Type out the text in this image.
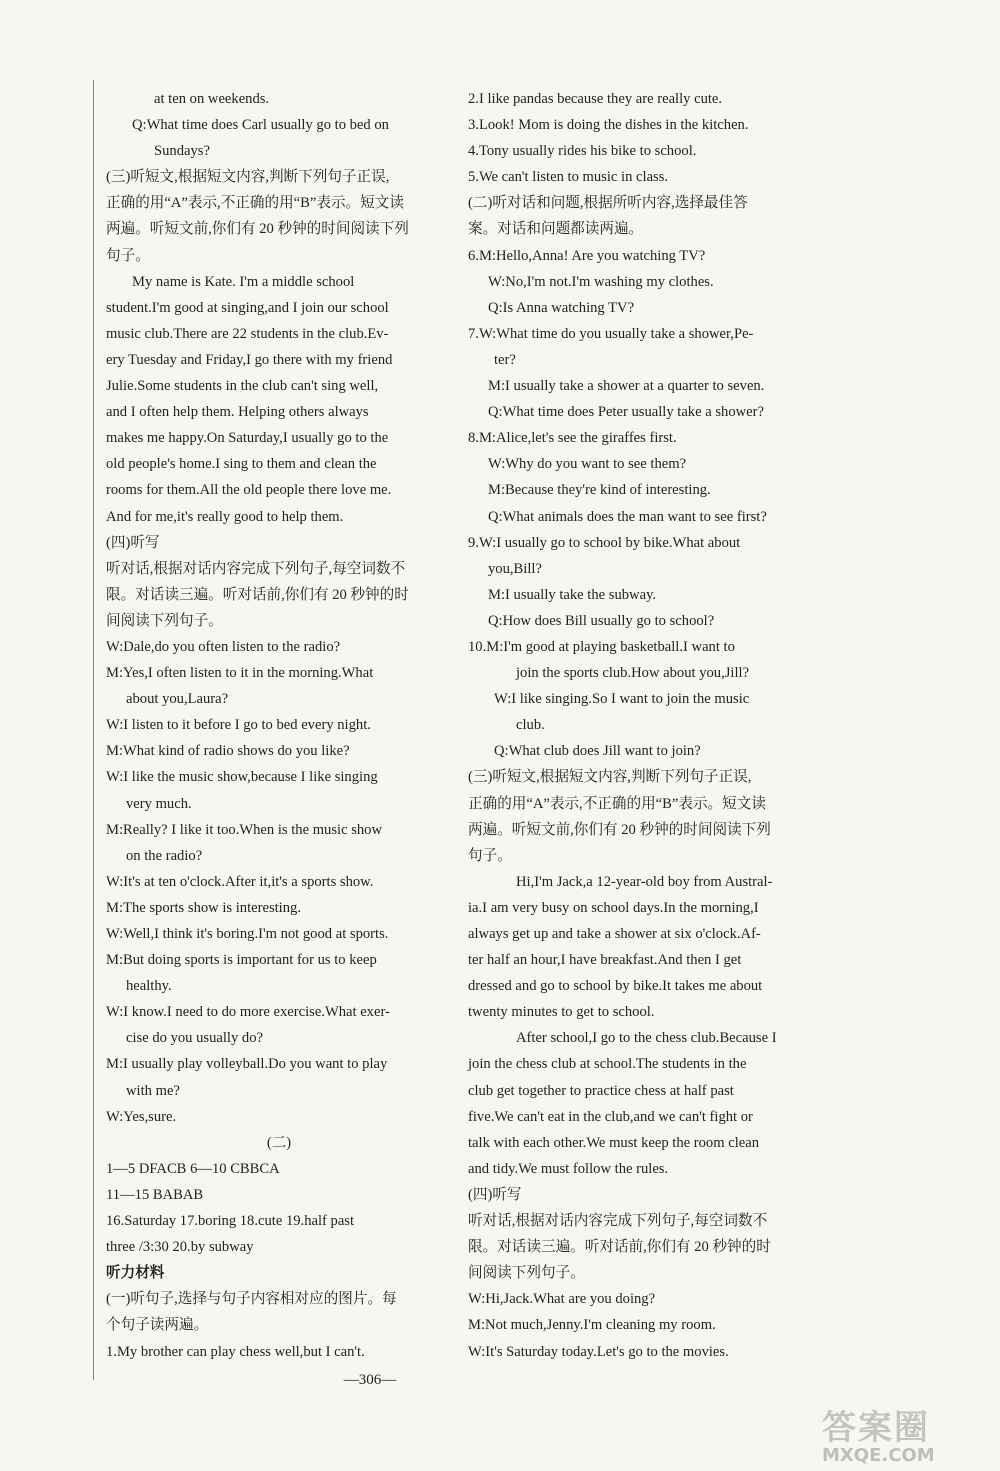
at ten on weekends.
Q:What time does Carl usually go to bed on
Sundays?
(三)听短文,根据短文内容,判断下列句子正误,
正确的用“A”表示,不正确的用“B”表示。短文读
两遍。听短文前,你们有 20 秒钟的时间阅读下列
句子。
My name is Kate. I'm a middle school
student.I'm good at singing,and I join our school
music club.There are 22 students in the club.Ev-
ery Tuesday and Friday,I go there with my friend
Julie.Some students in the club can't sing well,
and I often help them. Helping others always
makes me happy.On Saturday,I usually go to the
old people's home.I sing to them and clean the
rooms for them.All the old people there love me.
And for me,it's really good to help them.
(四)听写
听对话,根据对话内容完成下列句子,每空词数不
限。对话读三遍。听对话前,你们有 20 秒钟的时
间阅读下列句子。
W:Dale,do you often listen to the radio?
M:Yes,I often listen to it in the morning.What
about you,Laura?
W:I listen to it before I go to bed every night.
M:What kind of radio shows do you like?
W:I like the music show,because I like singing
very much.
M:Really? I like it too.When is the music show
on the radio?
W:It's at ten o'clock.After it,it's a sports show.
M:The sports show is interesting.
W:Well,I think it's boring.I'm not good at sports.
M:But doing sports is important for us to keep
healthy.
W:I know.I need to do more exercise.What exer-
cise do you usually do?
M:I usually play volleyball.Do you want to play
with me?
W:Yes,sure.
(二)
1—5 DFACB 6—10 CBBCA
11—15 BABAB
16.Saturday 17.boring 18.cute 19.half past
three /3:30 20.by subway
听力材料
(一)听句子,选择与句子内容相对应的图片。每
个句子读两遍。
1.My brother can play chess well,but I can't.
2.I like pandas because they are really cute.
3.Look! Mom is doing the dishes in the kitchen.
4.Tony usually rides his bike to school.
5.We can't listen to music in class.
(二)听对话和问题,根据所听内容,选择最佳答
案。对话和问题都读两遍。
6.M:Hello,Anna! Are you watching TV?
W:No,I'm not.I'm washing my clothes.
Q:Is Anna watching TV?
7.W:What time do you usually take a shower,Pe-
ter?
M:I usually take a shower at a quarter to seven.
Q:What time does Peter usually take a shower?
8.M:Alice,let's see the giraffes first.
W:Why do you want to see them?
M:Because they're kind of interesting.
Q:What animals does the man want to see first?
9.W:I usually go to school by bike.What about
you,Bill?
M:I usually take the subway.
Q:How does Bill usually go to school?
10.M:I'm good at playing basketball.I want to
join the sports club.How about you,Jill?
W:I like singing.So I want to join the music
club.
Q:What club does Jill want to join?
(三)听短文,根据短文内容,判断下列句子正误,
正确的用“A”表示,不正确的用“B”表示。短文读
两遍。听短文前,你们有 20 秒钟的时间阅读下列
句子。
Hi,I'm Jack,a 12-year-old boy from Austral-
ia.I am very busy on school days.In the morning,I
always get up and take a shower at six o'clock.Af-
ter half an hour,I have breakfast.And then I get
dressed and go to school by bike.It takes me about
twenty minutes to get to school.
After school,I go to the chess club.Because I
join the chess club at school.The students in the
club get together to practice chess at half past
five.We can't eat in the club,and we can't fight or
talk with each other.We must keep the room clean
and tidy.We must follow the rules.
(四)听写
听对话,根据对话内容完成下列句子,每空词数不
限。对话读三遍。听对话前,你们有 20 秒钟的时
间阅读下列句子。
W:Hi,Jack.What are you doing?
M:Not much,Jenny.I'm cleaning my room.
W:It's Saturday today.Let's go to the movies.
—306—
答案圈
MXQE.COM
